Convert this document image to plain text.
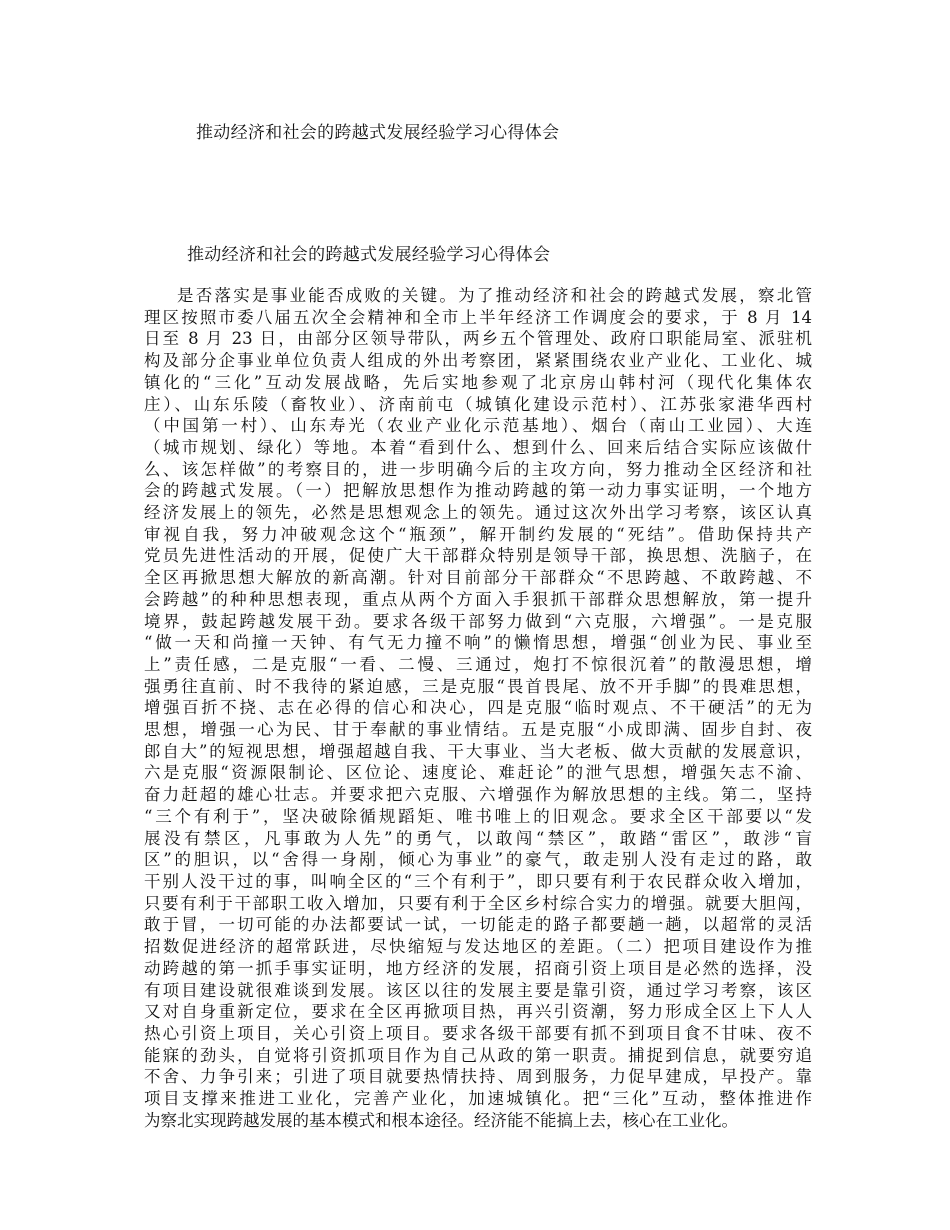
推动经济和社会的跨越式发展经验学习心得体会
推动经济和社会的跨越式发展经验学习心得体会
是否落实是事业能否成败的关键。为了推动经济和社会的跨越式发展，察北管
理区按照市委八届五次全会精神和全市上半年经济工作调度会的要求，于 8 月 14
日至 8 月 23 日，由部分区领导带队，两乡五个管理处、政府口职能局室、派驻机
构及部分企事业单位负责人组成的外出考察团，紧紧围绕农业产业化、工业化、城
镇化的“三化”互动发展战略，先后实地参观了北京房山韩村河（现代化集体农
庄）、山东乐陵（畜牧业）、济南前屯（城镇化建设示范村）、江苏张家港华西村
（中国第一村）、山东寿光（农业产业化示范基地）、烟台（南山工业园）、大连
（城市规划、绿化）等地。本着“看到什么、想到什么、回来后结合实际应该做什
么、该怎样做”的考察目的，进一步明确今后的主攻方向，努力推动全区经济和社
会的跨越式发展。（一）把解放思想作为推动跨越的第一动力事实证明，一个地方
经济发展上的领先，必然是思想观念上的领先。通过这次外出学习考察，该区认真
审视自我，努力冲破观念这个“瓶颈”，解开制约发展的“死结”。借助保持共产
党员先进性活动的开展，促使广大干部群众特别是领导干部，换思想、洗脑子，在
全区再掀思想大解放的新高潮。针对目前部分干部群众“不思跨越、不敢跨越、不
会跨越”的种种思想表现，重点从两个方面入手狠抓干部群众思想解放，第一提升
境界，鼓起跨越发展干劲。要求各级干部努力做到“六克服，六增强”。一是克服
“做一天和尚撞一天钟、有气无力撞不响”的懒惰思想，增强“创业为民、事业至
上”责任感，二是克服“一看、二慢、三通过，炮打不惊很沉着”的散漫思想，增
强勇往直前、时不我待的紧迫感，三是克服“畏首畏尾、放不开手脚”的畏难思想，
增强百折不挠、志在必得的信心和决心，四是克服“临时观点、不干硬活”的无为
思想，增强一心为民、甘于奉献的事业情结。五是克服“小成即满、固步自封、夜
郎自大”的短视思想，增强超越自我、干大事业、当大老板、做大贡献的发展意识，
六是克服“资源限制论、区位论、速度论、难赶论”的泄气思想，增强矢志不渝、
奋力赶超的雄心壮志。并要求把六克服、六增强作为解放思想的主线。第二，坚持
“三个有利于”，坚决破除循规蹈矩、唯书唯上的旧观念。要求全区干部要以“发
展没有禁区，凡事敢为人先”的勇气，以敢闯“禁区”，敢踏“雷区”，敢涉“盲
区”的胆识，以“舍得一身剐，倾心为事业”的豪气，敢走别人没有走过的路，敢
干别人没干过的事，叫响全区的“三个有利于”，即只要有利于农民群众收入增加，
只要有利于干部职工收入增加，只要有利于全区乡村综合实力的增强。就要大胆闯，
敢于冒，一切可能的办法都要试一试，一切能走的路子都要趟一趟，以超常的灵活
招数促进经济的超常跃进，尽快缩短与发达地区的差距。（二）把项目建设作为推
动跨越的第一抓手事实证明，地方经济的发展，招商引资上项目是必然的选择，没
有项目建设就很难谈到发展。该区以往的发展主要是靠引资，通过学习考察，该区
又对自身重新定位，要求在全区再掀项目热，再兴引资潮，努力形成全区上下人人
热心引资上项目，关心引资上项目。要求各级干部要有抓不到项目食不甘味、夜不
能寐的劲头，自觉将引资抓项目作为自己从政的第一职责。捕捉到信息，就要穷追
不舍、力争引来；引进了项目就要热情扶持、周到服务，力促早建成，早投产。靠
项目支撑来推进工业化，完善产业化，加速城镇化。把“三化”互动，整体推进作
为察北实现跨越发展的基本模式和根本途径。经济能不能搞上去，核心在工业化。
